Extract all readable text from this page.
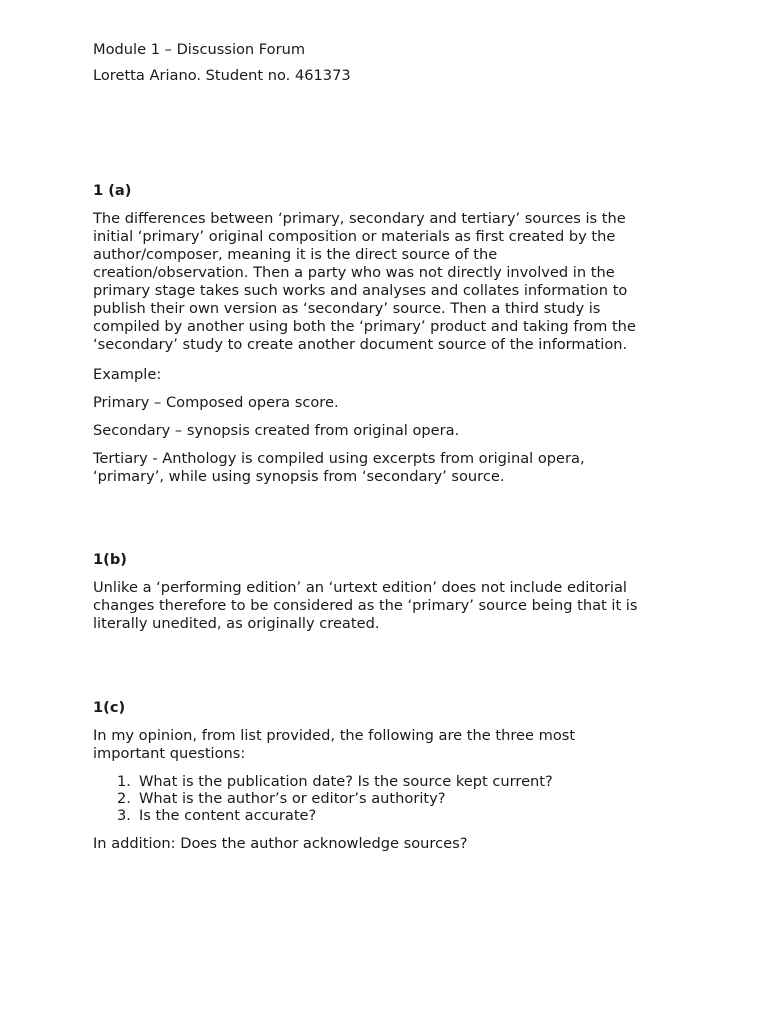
Module 1 – Discussion Forum
Loretta Ariano. Student no. 461373
1 (a)
The differences between ‘primary, secondary and tertiary’ sources is the
initial ‘primary’ original composition or materials as first created by the
author/composer, meaning it is the direct source of the
creation/observation. Then a party who was not directly involved in the
primary stage takes such works and analyses and collates information to
publish their own version as ‘secondary’ source. Then a third study is
compiled by another using both the ‘primary’ product and taking from the
‘secondary’ study to create another document source of the information.
Example:
Primary – Composed opera score.
Secondary – synopsis created from original opera.
Tertiary - Anthology is compiled using excerpts from original opera,
‘primary’, while using synopsis from ‘secondary’ source.
1(b)
Unlike a ‘performing edition’ an ‘urtext edition’ does not include editorial
changes therefore to be considered as the ‘primary’ source being that it is
literally unedited, as originally created.
1(c)
In my opinion, from list provided, the following are the three most
important questions:
1. What is the publication date? Is the source kept current?
2. What is the author’s or editor’s authority?
3. Is the content accurate?
In addition: Does the author acknowledge sources?
